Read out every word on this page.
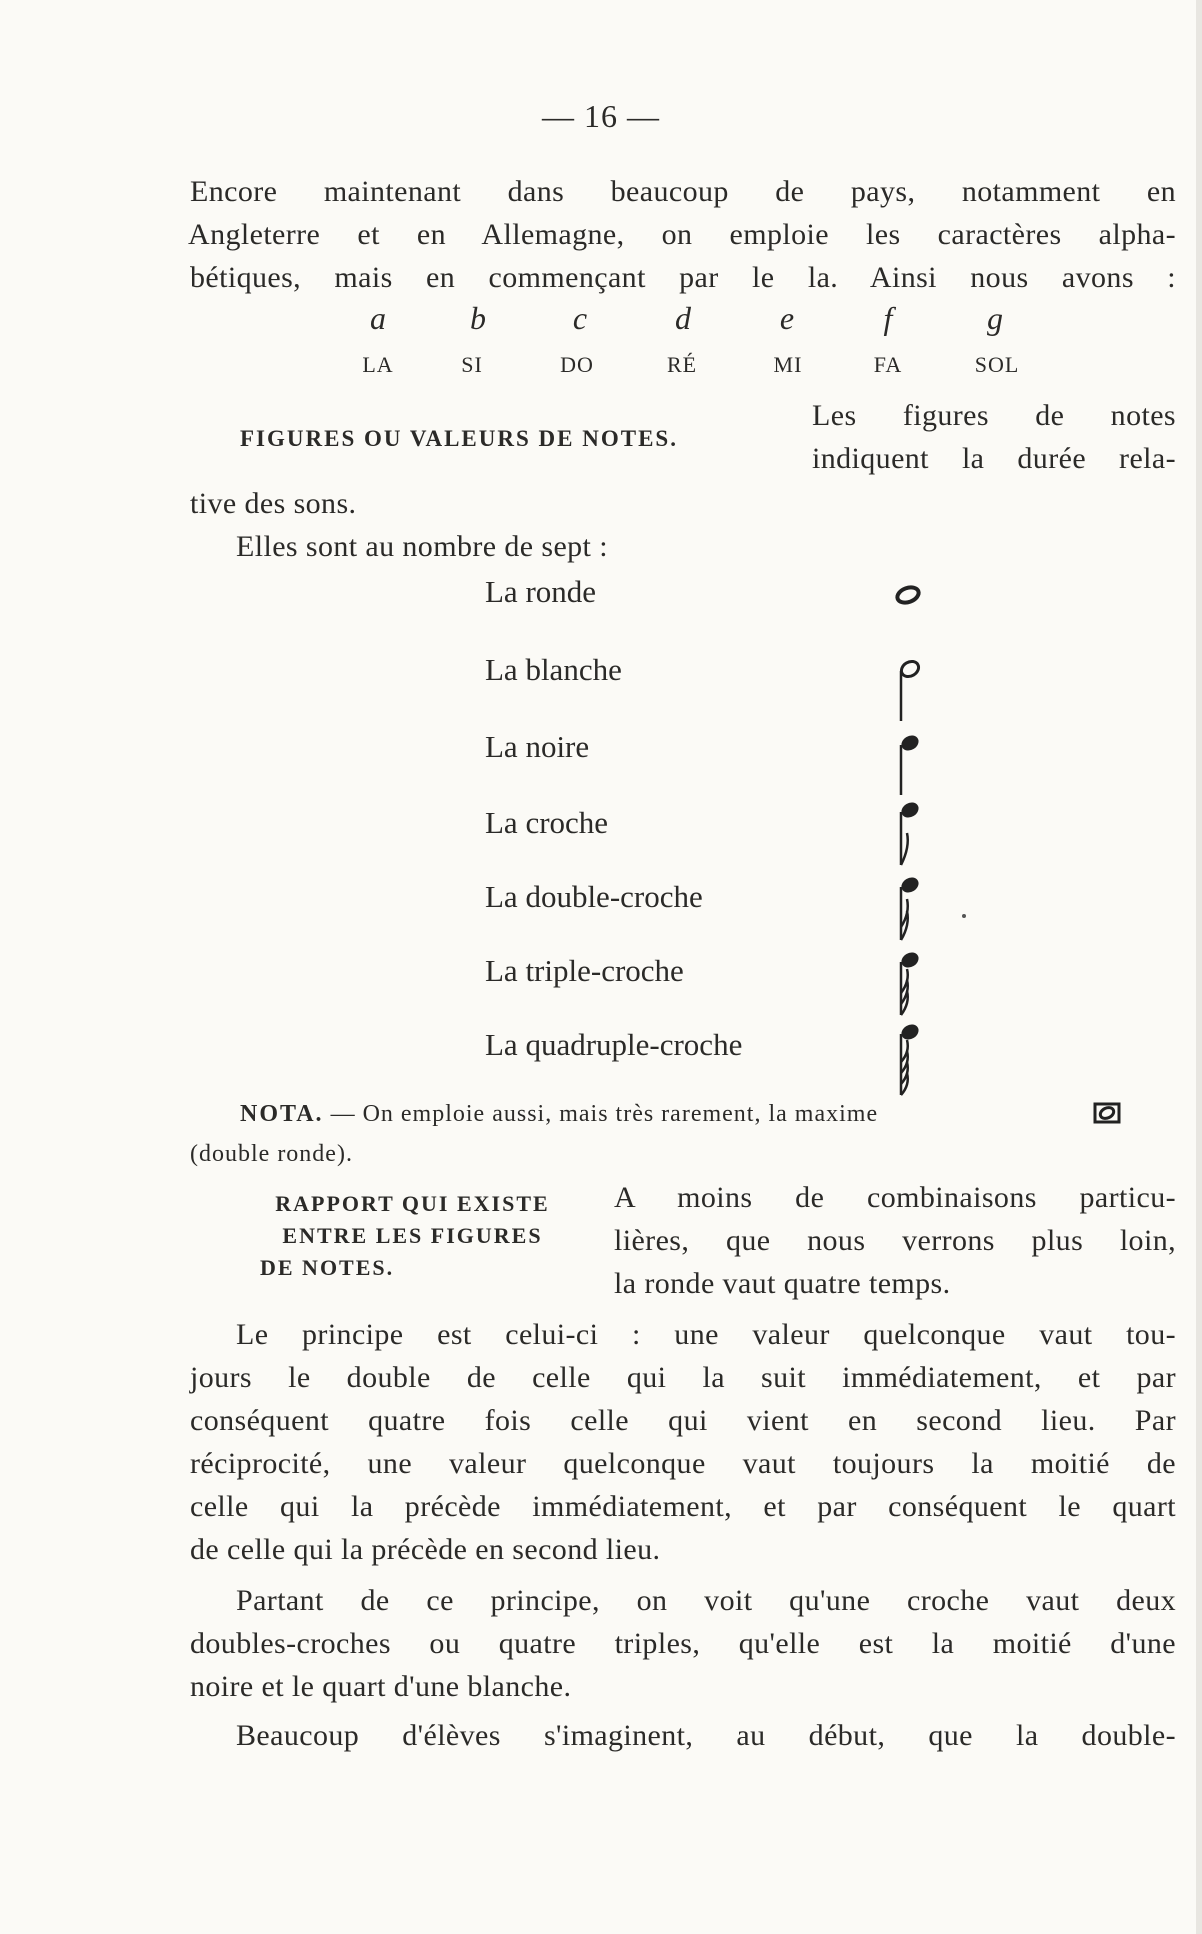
— 16 —
Encore maintenant dans beaucoup de pays, notamment en
Angleterre et en Allemagne, on emploie les caractères alpha-
bétiques, mais en commençant par le la. Ainsi nous avons :
a	b	c	d	e	f	g
LA	SI	DO	RÉ	MI	FA	SOL
FIGURES OU VALEURS DE NOTES.
Les figures de notes
indiquent la durée rela-
tive des sons.
Elles sont au nombre de sept :
La ronde
La blanche
La noire
La croche
La double-croche
La triple-croche
La quadruple-croche
NOTA. — On emploie aussi, mais très rarement, la maxime
(double ronde).
RAPPORT QUI EXISTE
ENTRE LES FIGURES
DE NOTES.
A moins de combinaisons particu-
lières, que nous verrons plus loin,
la ronde vaut quatre temps.
Le principe est celui-ci : une valeur quelconque vaut tou-
jours le double de celle qui la suit immédiatement, et par
conséquent quatre fois celle qui vient en second lieu. Par
réciprocité, une valeur quelconque vaut toujours la moitié de
celle qui la précède immédiatement, et par conséquent le quart
de celle qui la précède en second lieu.
Partant de ce principe, on voit qu'une croche vaut deux
doubles-croches ou quatre triples, qu'elle est la moitié d'une
noire et le quart d'une blanche.
Beaucoup d'élèves s'imaginent, au début, que la double-
